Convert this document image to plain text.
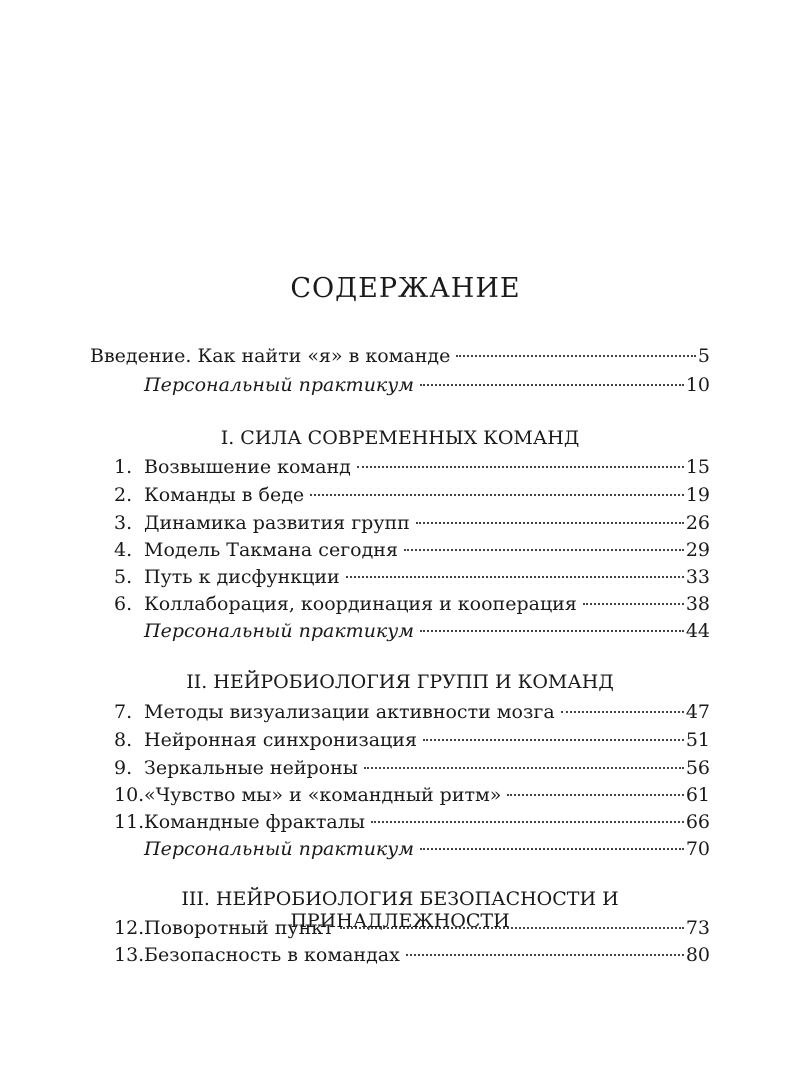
СОДЕРЖАНИЕ
Введение. Как найти «я» в команде	5
Персональный практикум	10
I. СИЛА СОВРЕМЕННЫХ КОМАНД
1. Возвышение команд	15
2. Команды в беде	19
3. Динамика развития групп	26
4. Модель Такмана сегодня	29
5. Путь к дисфункции	33
6. Коллаборация, координация и кооперация	38
Персональный практикум	44
II. НЕЙРОБИОЛОГИЯ ГРУПП И КОМАНД
7. Методы визуализации активности мозга	47
8. Нейронная синхронизация	51
9. Зеркальные нейроны	56
10. «Чувство мы» и «командный ритм»	61
11. Командные фракталы	66
Персональный практикум	70
III. НЕЙРОБИОЛОГИЯ БЕЗОПАСНОСТИ И ПРИНАДЛЕЖНОСТИ
12. Поворотный пункт	73
13. Безопасность в командах	80
